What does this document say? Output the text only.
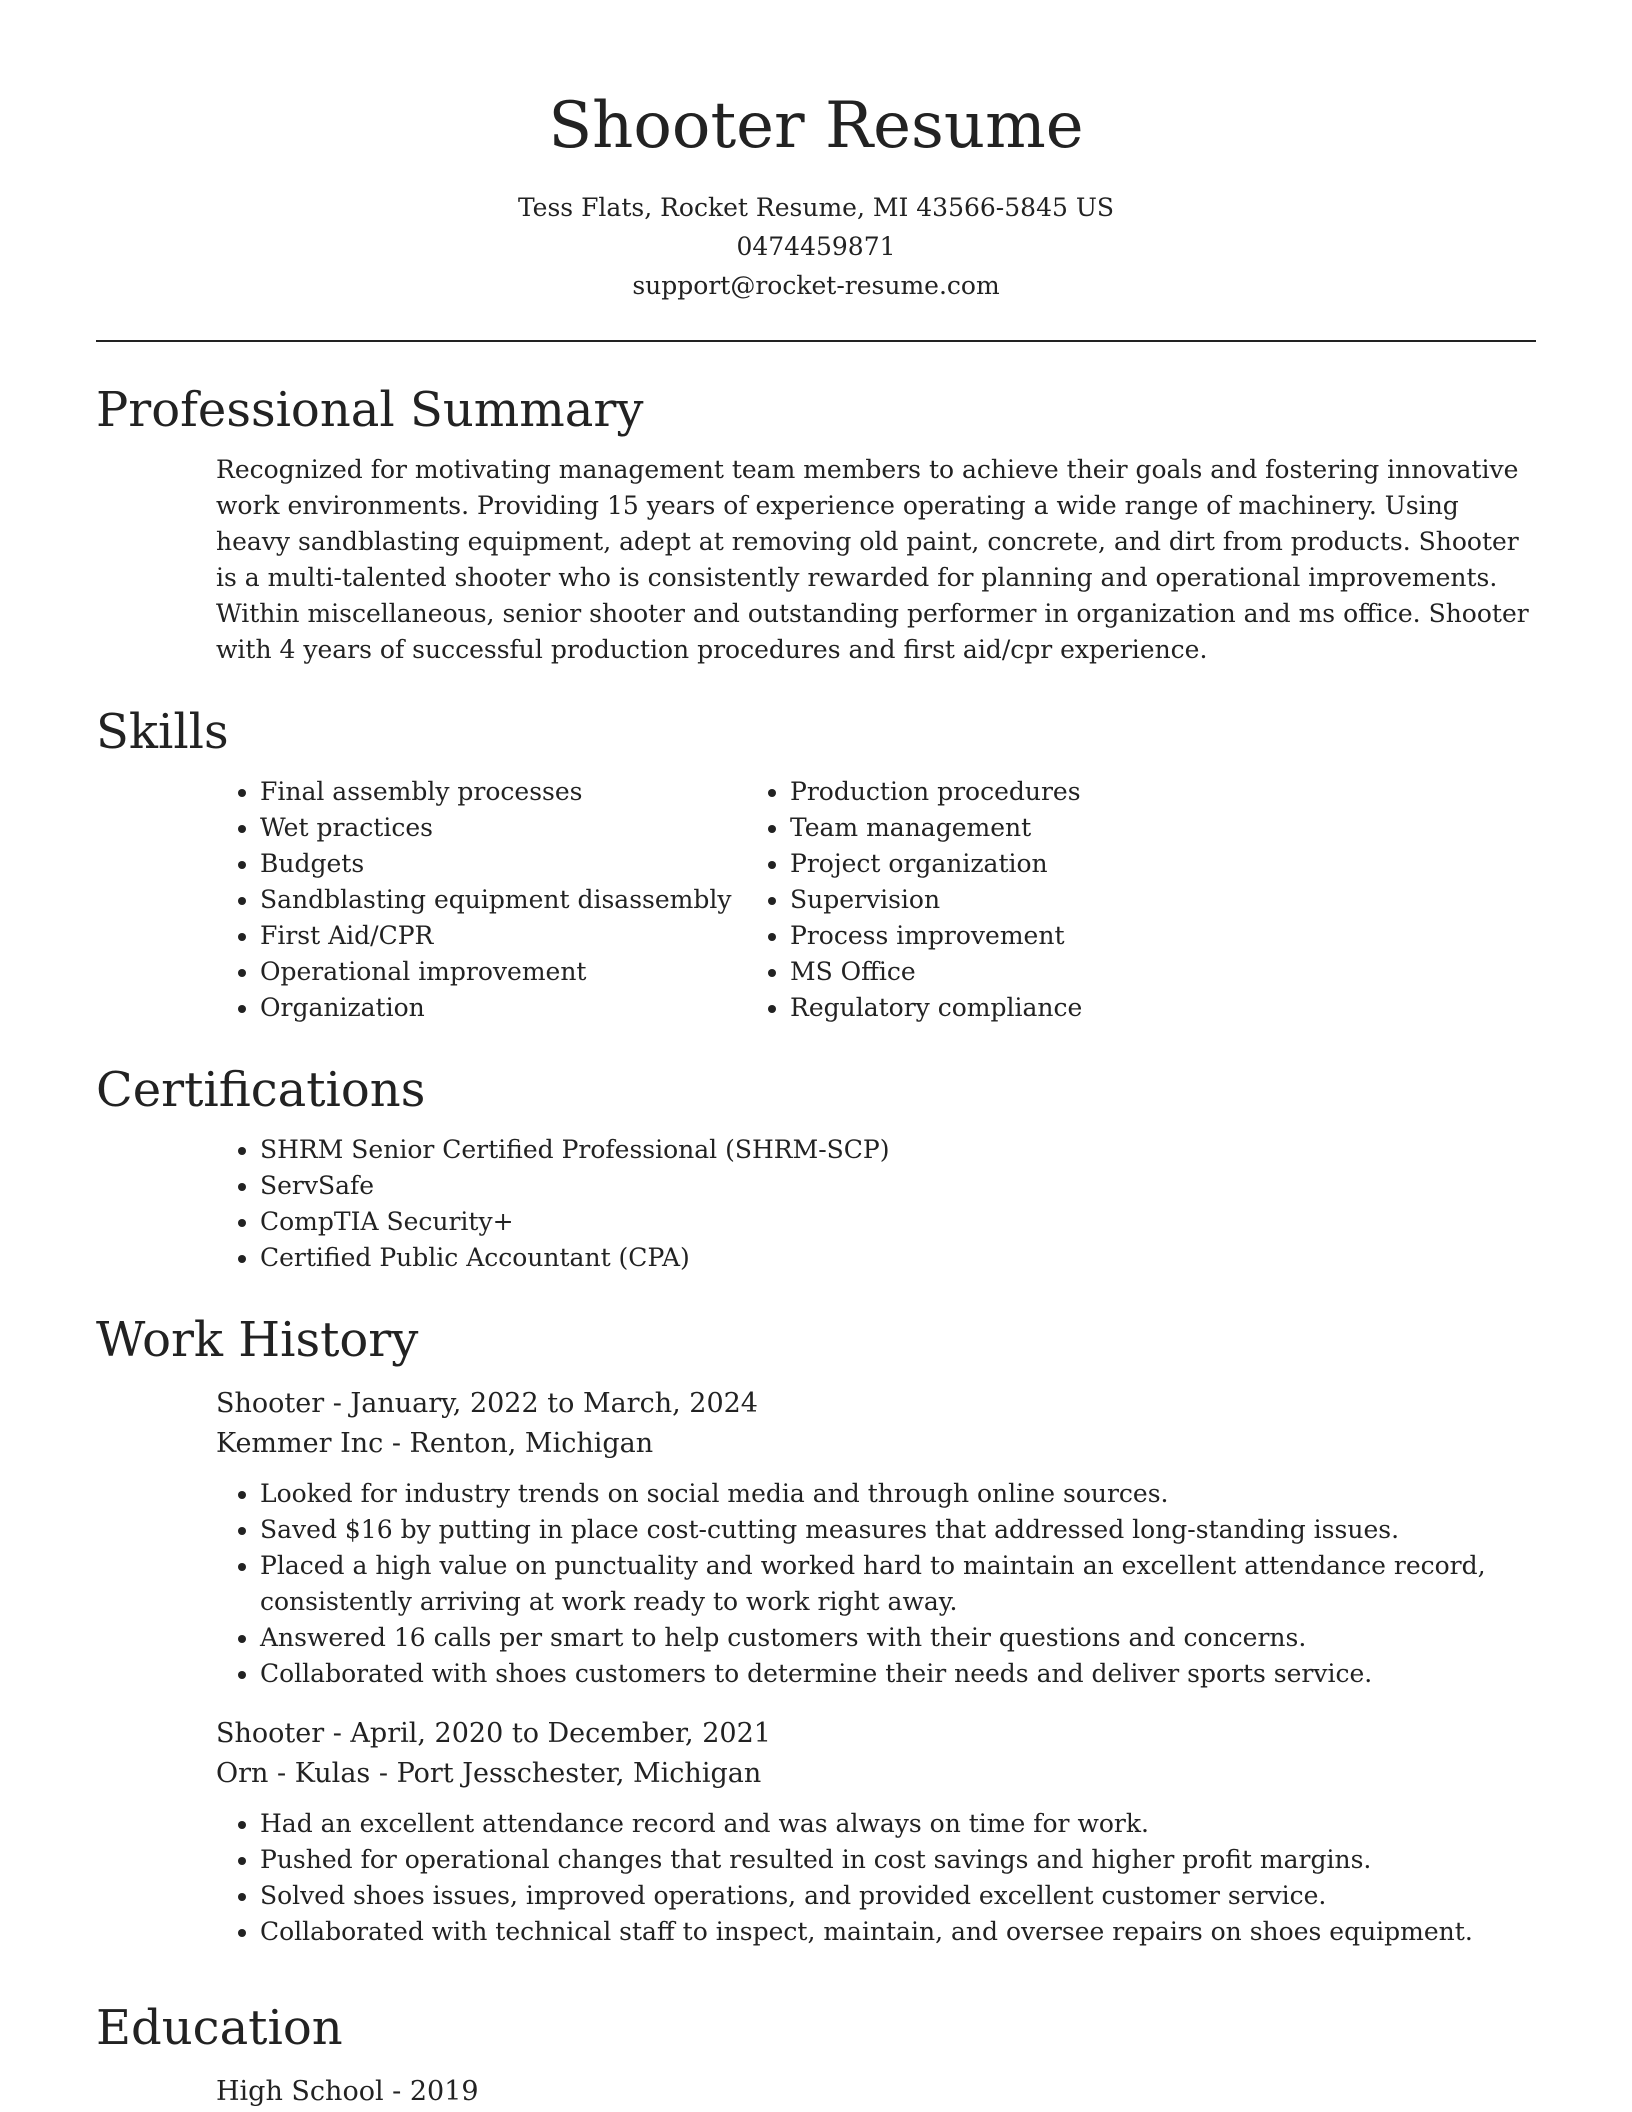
Shooter Resume
Tess Flats, Rocket Resume, MI 43566-5845 US
0474459871
support@rocket-resume.com
Professional Summary

Recognized for motivating management team members to achieve their goals and fostering innovative work environments. Providing 15 years of experience operating a wide range of machinery. Using heavy sandblasting equipment, adept at removing old paint, concrete, and dirt from products. Shooter is a multi-talented shooter who is consistently rewarded for planning and operational improvements. Within miscellaneous, senior shooter and outstanding performer in organization and ms office. Shooter with 4 years of successful production procedures and first aid/cpr experience.

Skills
• Final assembly processes
• Wet practices
• Budgets
• Sandblasting equipment disassembly
• First Aid/CPR
• Operational improvement
• Organization
• Production procedures
• Team management
• Project organization
• Supervision
• Process improvement
• MS Office
• Regulatory compliance
Certifications
• SHRM Senior Certified Professional (SHRM-SCP)
• ServSafe
• CompTIA Security+
• Certified Public Accountant (CPA)
Work History
Shooter - January, 2022 to March, 2024
Kemmer Inc - Renton, Michigan
• Looked for industry trends on social media and through online sources.
• Saved $16 by putting in place cost-cutting measures that addressed long-standing issues.
• Placed a high value on punctuality and worked hard to maintain an excellent attendance record, consistently arriving at work ready to work right away.
• Answered 16 calls per smart to help customers with their questions and concerns.
• Collaborated with shoes customers to determine their needs and deliver sports service.
Shooter - April, 2020 to December, 2021
Orn - Kulas - Port Jesschester, Michigan
• Had an excellent attendance record and was always on time for work.
• Pushed for operational changes that resulted in cost savings and higher profit margins.
• Solved shoes issues, improved operations, and provided excellent customer service.
• Collaborated with technical staff to inspect, maintain, and oversee repairs on shoes equipment.
Education
High School - 2019
